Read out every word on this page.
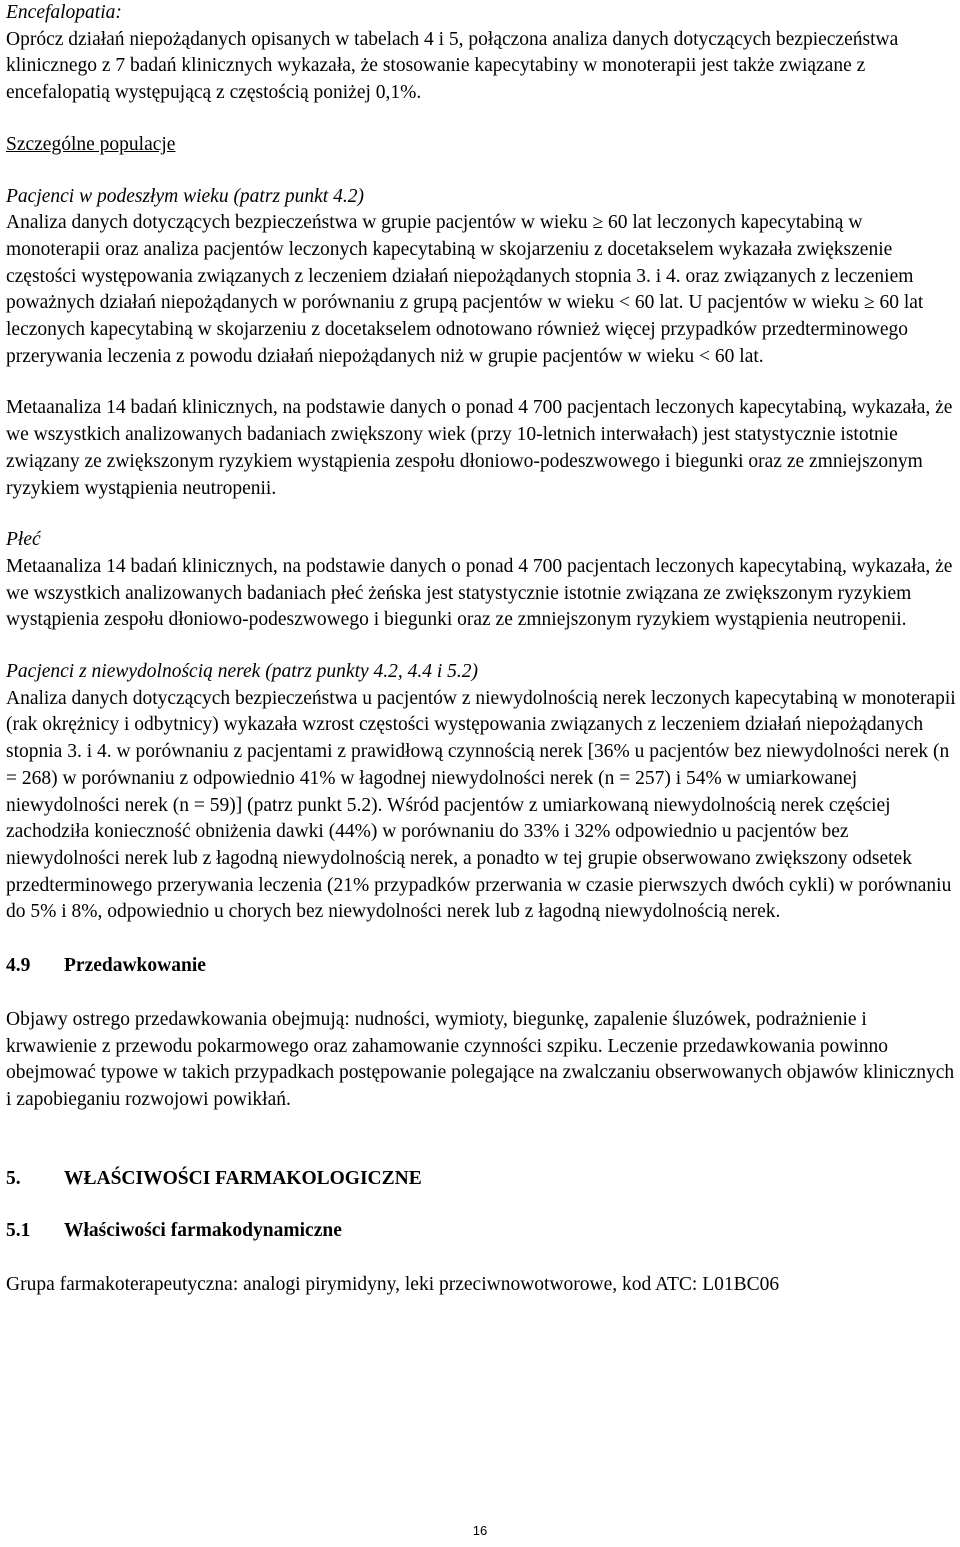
Encefalopatia:

Oprócz działań niepożądanych opisanych w tabelach 4 i 5, połączona analiza danych dotyczących bezpieczeństwa klinicznego z 7 badań klinicznych wykazała, że stosowanie kapecytabiny w monoterapii jest także związane z encefalopatią występującą z częstością poniżej 0,1%.

Szczególne populacje

Pacjenci w podeszłym wieku (patrz punkt 4.2)

Analiza danych dotyczących bezpieczeństwa w grupie pacjentów w wieku ≥ 60 lat leczonych kapecytabiną w monoterapii oraz analiza pacjentów leczonych kapecytabiną w skojarzeniu z docetakselem wykazała zwiększenie częstości występowania związanych z leczeniem działań niepożądanych stopnia 3. i 4. oraz związanych z leczeniem poważnych działań niepożądanych w porównaniu z grupą pacjentów w wieku < 60 lat. U pacjentów w wieku ≥ 60 lat leczonych kapecytabiną w skojarzeniu z docetakselem odnotowano również więcej przypadków przedterminowego przerywania leczenia z powodu działań niepożądanych niż w grupie pacjentów w wieku < 60 lat.

Metaanaliza 14 badań klinicznych, na podstawie danych o ponad 4 700 pacjentach leczonych kapecytabiną, wykazała, że we wszystkich analizowanych badaniach zwiększony wiek (przy 10-letnich interwałach) jest statystycznie istotnie związany ze zwiększonym ryzykiem wystąpienia zespołu dłoniowo-podeszwowego i biegunki oraz ze zmniejszonym ryzykiem wystąpienia neutropenii.

Płeć

Metaanaliza 14 badań klinicznych, na podstawie danych o ponad 4 700 pacjentach leczonych kapecytabiną, wykazała, że we wszystkich analizowanych badaniach płeć żeńska jest statystycznie istotnie związana ze zwiększonym ryzykiem wystąpienia zespołu dłoniowo-podeszwowego i biegunki oraz ze zmniejszonym ryzykiem wystąpienia neutropenii.

Pacjenci z niewydolnością nerek (patrz punkty 4.2, 4.4 i 5.2)

Analiza danych dotyczących bezpieczeństwa u pacjentów z niewydolnością nerek leczonych kapecytabiną w monoterapii (rak okrężnicy i odbytnicy) wykazała wzrost częstości występowania związanych z leczeniem działań niepożądanych stopnia 3. i 4. w porównaniu z pacjentami z prawidłową czynnością nerek [36% u pacjentów bez niewydolności nerek (n = 268) w porównaniu z odpowiednio 41% w łagodnej niewydolności nerek (n = 257) i 54% w umiarkowanej niewydolności nerek (n = 59)] (patrz punkt 5.2). Wśród pacjentów z umiarkowaną niewydolnością nerek częściej zachodziła konieczność obniżenia dawki (44%) w porównaniu do 33% i 32% odpowiednio u pacjentów bez niewydolności nerek lub z łagodną niewydolnością nerek, a ponadto w tej grupie obserwowano zwiększony odsetek przedterminowego przerywania leczenia (21% przypadków przerwania w czasie pierwszych dwóch cykli) w porównaniu do 5% i 8%, odpowiednio u chorych bez niewydolności nerek lub z łagodną niewydolnością nerek.

4.9	Przedawkowanie

Objawy ostrego przedawkowania obejmują: nudności, wymioty, biegunkę, zapalenie śluzówek, podrażnienie i krwawienie z przewodu pokarmowego oraz zahamowanie czynności szpiku. Leczenie przedawkowania powinno obejmować typowe w takich przypadkach postępowanie polegające na zwalczaniu obserwowanych objawów klinicznych i zapobieganiu rozwojowi powikłań.

5.	WŁAŚCIWOŚCI FARMAKOLOGICZNE

5.1	Właściwości farmakodynamiczne

Grupa farmakoterapeutyczna: analogi pirymidyny, leki przeciwnowotworowe, kod ATC: L01BC06

16
